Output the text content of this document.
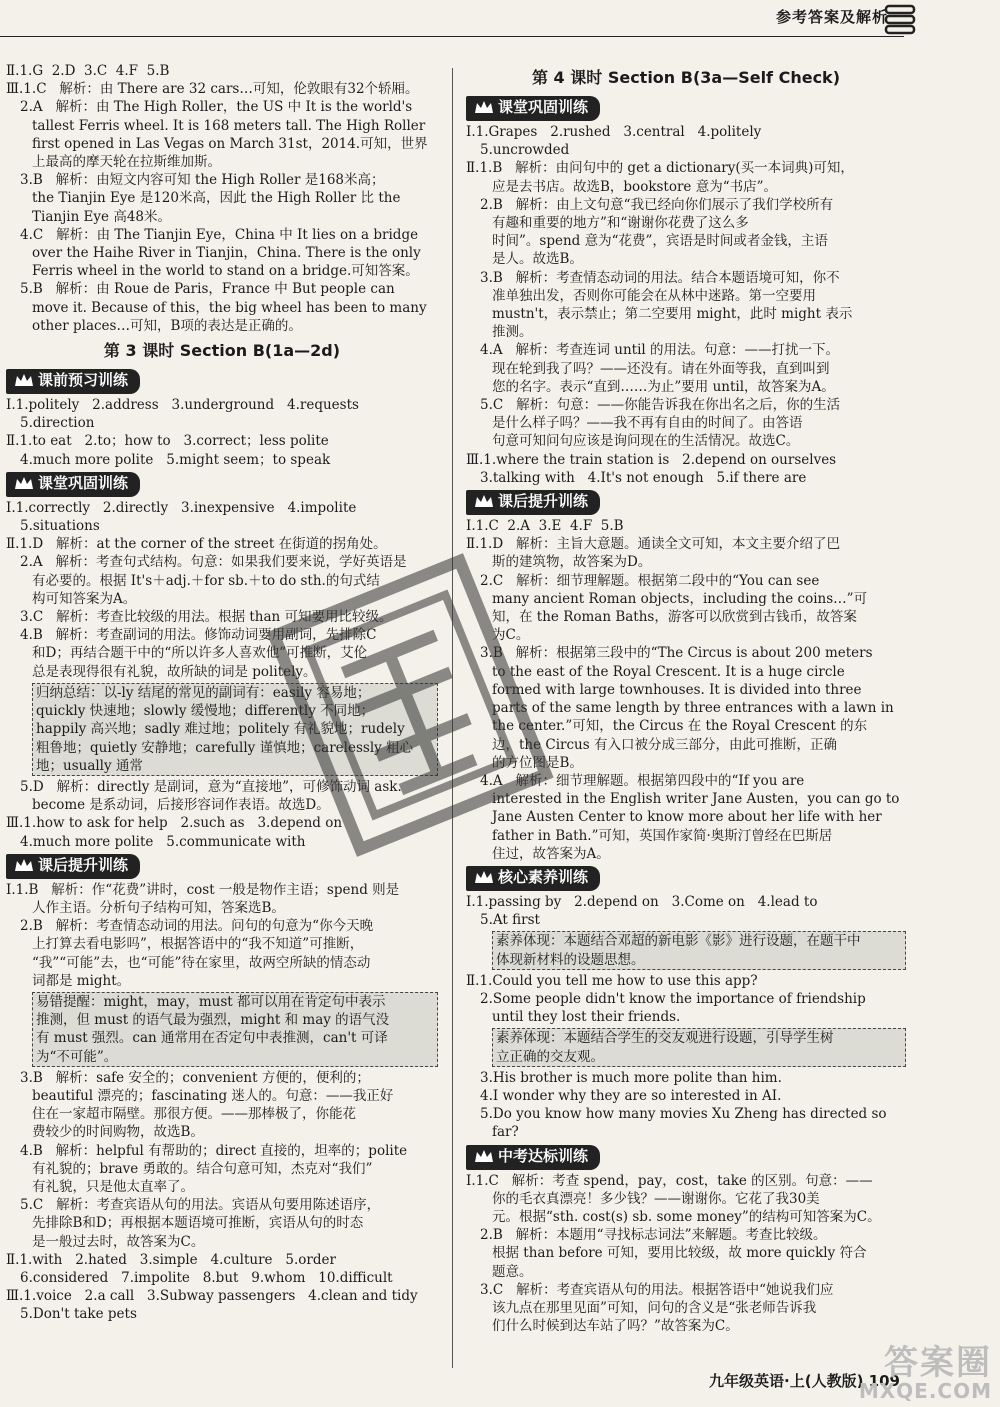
参考答案及解析
Ⅱ.1.G  2.D  3.C  4.F  5.B
Ⅲ.1.C   解析：由 There are 32 cars…可知，伦敦眼有32个轿厢。
2.A   解析：由 The High Roller，the US 中 It is the world's
tallest Ferris wheel. It is 168 meters tall. The High Roller
first opened in Las Vegas on March 31st，2014.可知，世界
上最高的摩天轮在拉斯维加斯。
3.B   解析：由短文内容可知 the High Roller 是168米高；
the Tianjin Eye 是120米高，因此 the High Roller 比 the
Tianjin Eye 高48米。
4.C   解析：由 The Tianjin Eye，China 中 It lies on a bridge
over the Haihe River in Tianjin，China. There is the only
Ferris wheel in the world to stand on a bridge.可知答案。
5.B   解析：由 Roue de Paris，France 中 But people can
move it. Because of this，the big wheel has been to many
other places…可知，B项的表达是正确的。
第 3 课时 Section B(1a—2d)
课前预习训练
Ⅰ.1.politely   2.address   3.underground   4.requests
5.direction
Ⅱ.1.to eat   2.to；how to   3.correct；less polite
4.much more polite   5.might seem；to speak
课堂巩固训练
Ⅰ.1.correctly   2.directly   3.inexpensive   4.impolite
5.situations
Ⅱ.1.D   解析：at the corner of the street 在街道的拐角处。
2.A   解析：考查句式结构。句意：如果我们要来说，学好英语是
有必要的。根据 It's＋adj.＋for sb.＋to do sth.的句式结
构可知答案为A。
3.C   解析：考查比较级的用法。根据 than 可知要用比较级。
4.B   解析：考查副词的用法。修饰动词要用副词，先排除C
和D；再结合题干中的“所以许多人喜欢他”可推断，艾伦
总是表现得很有礼貌，故所缺的词是 politely。
归纳总结：以-ly 结尾的常见的副词有：easily 容易地；
quickly 快速地；slowly 缓慢地；differently 不同地；
happily 高兴地；sadly 难过地；politely 有礼貌地；rudely
粗鲁地；quietly 安静地；carefully 谨慎地；carelessly 粗心
地；usually 通常
5.D   解析：directly 是副词，意为“直接地”，可修饰动词 ask.
become 是系动词，后接形容词作表语。故选D。
Ⅲ.1.how to ask for help   2.such as   3.depend on
4.much more polite   5.communicate with
课后提升训练
Ⅰ.1.B   解析：作“花费”讲时，cost 一般是物作主语；spend 则是
人作主语。分析句子结构可知，答案选B。
2.B   解析：考查情态动词的用法。问句的句意为“你今天晚
上打算去看电影吗”，根据答语中的“我不知道”可推断，
“我”“可能”去，也“可能”待在家里，故两空所缺的情态动
词都是 might。
易错提醒：might，may，must 都可以用在肯定句中表示
推测，但 must 的语气最为强烈，might 和 may 的语气没
有 must 强烈。can 通常用在否定句中表推测，can't 可译
为“不可能”。
3.B   解析：safe 安全的；convenient 方便的，便利的；
beautiful 漂亮的；fascinating 迷人的。句意：——我正好
住在一家超市隔壁。那很方便。——那棒极了，你能花
费较少的时间购物，故选B。
4.B   解析：helpful 有帮助的；direct 直接的，坦率的；polite
有礼貌的；brave 勇敢的。结合句意可知，杰克对“我们”
有礼貌，只是他太直率了。
5.C   解析：考查宾语从句的用法。宾语从句要用陈述语序，
先排除B和D；再根据本题语境可推断，宾语从句的时态
是一般过去时，故答案为C。
Ⅱ.1.with   2.hated   3.simple   4.culture   5.order
6.considered   7.impolite   8.but   9.whom   10.difficult
Ⅲ.1.voice   2.a call   3.Subway passengers   4.clean and tidy
5.Don't take pets
第 4 课时 Section B(3a—Self Check)
课堂巩固训练
Ⅰ.1.Grapes   2.rushed   3.central   4.politely
5.uncrowded
Ⅱ.1.B   解析：由问句中的 get a dictionary(买一本词典)可知，
应是去书店。故选B，bookstore 意为“书店”。
2.B   解析：由上文句意“我已经向你们展示了我们学校所有
有趣和重要的地方”和“谢谢你花费了这么多
时间”。spend 意为“花费”，宾语是时间或者金钱，主语
是人。故选B。
3.B   解析：考查情态动词的用法。结合本题语境可知，你不
准单独出发，否则你可能会在从林中迷路。第一空要用
mustn't，表示禁止；第二空要用 might，此时 might 表示
推测。
4.A   解析：考查连词 until 的用法。句意：——打扰一下。
现在轮到我了吗？——还没有。请在外面等我，直到叫到
您的名字。表示“直到……为止”要用 until，故答案为A。
5.C   解析：句意：——你能告诉我在你出名之后，你的生活
是什么样子吗？——我不再有自由的时间了。由答语
句意可知问句应该是询问现在的生活情况。故选C。
Ⅲ.1.where the train station is   2.depend on ourselves
3.talking with   4.It's not enough   5.if there are
课后提升训练
Ⅰ.1.C  2.A  3.E  4.F  5.B
Ⅱ.1.D   解析：主旨大意题。通读全文可知，本文主要介绍了巴
斯的建筑物，故答案为D。
2.C   解析：细节理解题。根据第二段中的“You can see
many ancient Roman objects，including the coins…”可
知，在 the Roman Baths，游客可以欣赏到古钱币，故答案
为C。
3.B   解析：根据第三段中的“The Circus is about 200 meters
to the east of the Royal Crescent. It is a huge circle
formed with large townhouses. It is divided into three
parts of the same length by three entrances with a lawn in
the center.”可知，the Circus 在 the Royal Crescent 的东
边，the Circus 有入口被分成三部分，由此可推断，正确
的方位图是B。
4.A   解析：细节理解题。根据第四段中的“If you are
interested in the English writer Jane Austen，you can go to
Jane Austen Center to know more about her life with her
father in Bath.”可知，英国作家简·奥斯汀曾经在巴斯居
住过，故答案为A。
核心素养训练
Ⅰ.1.passing by   2.depend on   3.Come on   4.lead to
5.At first
素养体现：本题结合邓超的新电影《影》进行设题，在题干中
体现新材料的设题思想。
Ⅱ.1.Could you tell me how to use this app?
2.Some people didn't know the importance of friendship
until they lost their friends.
素养体现：本题结合学生的交友观进行设题，引导学生树
立正确的交友观。
3.His brother is much more polite than him.
4.I wonder why they are so interested in AI.
5.Do you know how many movies Xu Zheng has directed so
far?
中考达标训练
Ⅰ.1.C   解析：考查 spend，pay，cost，take 的区别。句意：——
你的毛衣真漂亮！多少钱？——谢谢你。它花了我30美
元。根据“sth. cost(s) sb. some money”的结构可知答案为C。
2.B   解析：本题用“寻找标志词法”来解题。考查比较级。
根据 than before 可知，要用比较级，故 more quickly 符合
题意。
3.C   解析：考查宾语从句的用法。根据答语中“她说我们应
该九点在那里见面”可知，问句的含义是“张老师告诉我
们什么时候到达车站了吗？”故答案为C。
九年级英语·上(人教版) 109
答案圈
MXQE.COM
